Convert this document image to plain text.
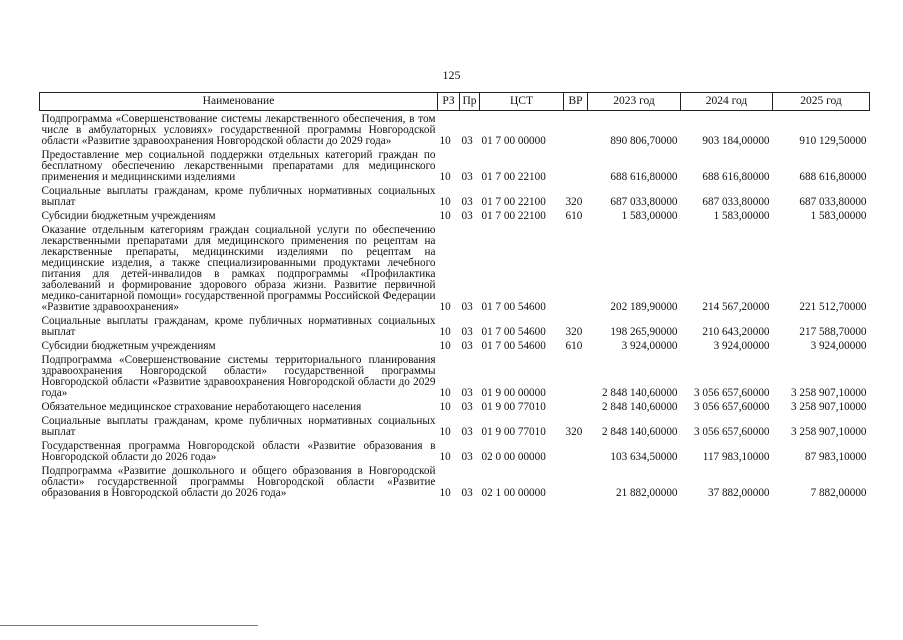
125
Наименование	РЗ	Пр	ЦСТ	ВР	2023 год	2024 год	2025 год
Подпрограмма «Совершенствование системы лекарственного обеспечения, в том числе в амбулаторных условиях» государственной программы Новгородской области «Развитие здравоохранения Новгородской области до 2029 года»	10	03	01 7 00 00000		890 806,70000	903 184,00000	910 129,50000
Предоставление мер социальной поддержки отдельных категорий граждан по бесплатному обеспечению лекарственными препаратами для медицинского применения и медицинскими изделиями	10	03	01 7 00 22100		688 616,80000	688 616,80000	688 616,80000
Социальные выплаты гражданам, кроме публичных нормативных социальных выплат	10	03	01 7 00 22100	320	687 033,80000	687 033,80000	687 033,80000
Субсидии бюджетным учреждениям	10	03	01 7 00 22100	610	1 583,00000	1 583,00000	1 583,00000
Оказание отдельным категориям граждан социальной услуги по обеспечению лекарственными препаратами для медицинского применения по рецептам на лекарственные препараты, медицинскими изделиями по рецептам на медицинские изделия, а также специализированными продуктами лечебного питания для детей-инвалидов в рамках подпрограммы «Профилактика заболеваний и формирование здорового образа жизни. Развитие первичной медико-санитарной помощи» государственной программы Российской Федерации «Развитие здравоохранения»	10	03	01 7 00 54600		202 189,90000	214 567,20000	221 512,70000
Социальные выплаты гражданам, кроме публичных нормативных социальных выплат	10	03	01 7 00 54600	320	198 265,90000	210 643,20000	217 588,70000
Субсидии бюджетным учреждениям	10	03	01 7 00 54600	610	3 924,00000	3 924,00000	3 924,00000
Подпрограмма «Совершенствование системы территориального планирования здравоохранения Новгородской области» государственной программы Новгородской области «Развитие здравоохранения Новгородской области до 2029 года»	10	03	01 9 00 00000		2 848 140,60000	3 056 657,60000	3 258 907,10000
Обязательное медицинское страхование неработающего населения	10	03	01 9 00 77010		2 848 140,60000	3 056 657,60000	3 258 907,10000
Социальные выплаты гражданам, кроме публичных нормативных социальных выплат	10	03	01 9 00 77010	320	2 848 140,60000	3 056 657,60000	3 258 907,10000
Государственная программа Новгородской области «Развитие образования в Новгородской области до 2026 года»	10	03	02 0 00 00000		103 634,50000	117 983,10000	87 983,10000
Подпрограмма «Развитие дошкольного и общего образования в Новгородской области» государственной программы Новгородской области «Развитие образования в Новгородской области до 2026 года»	10	03	02 1 00 00000		21 882,00000	37 882,00000	7 882,00000
